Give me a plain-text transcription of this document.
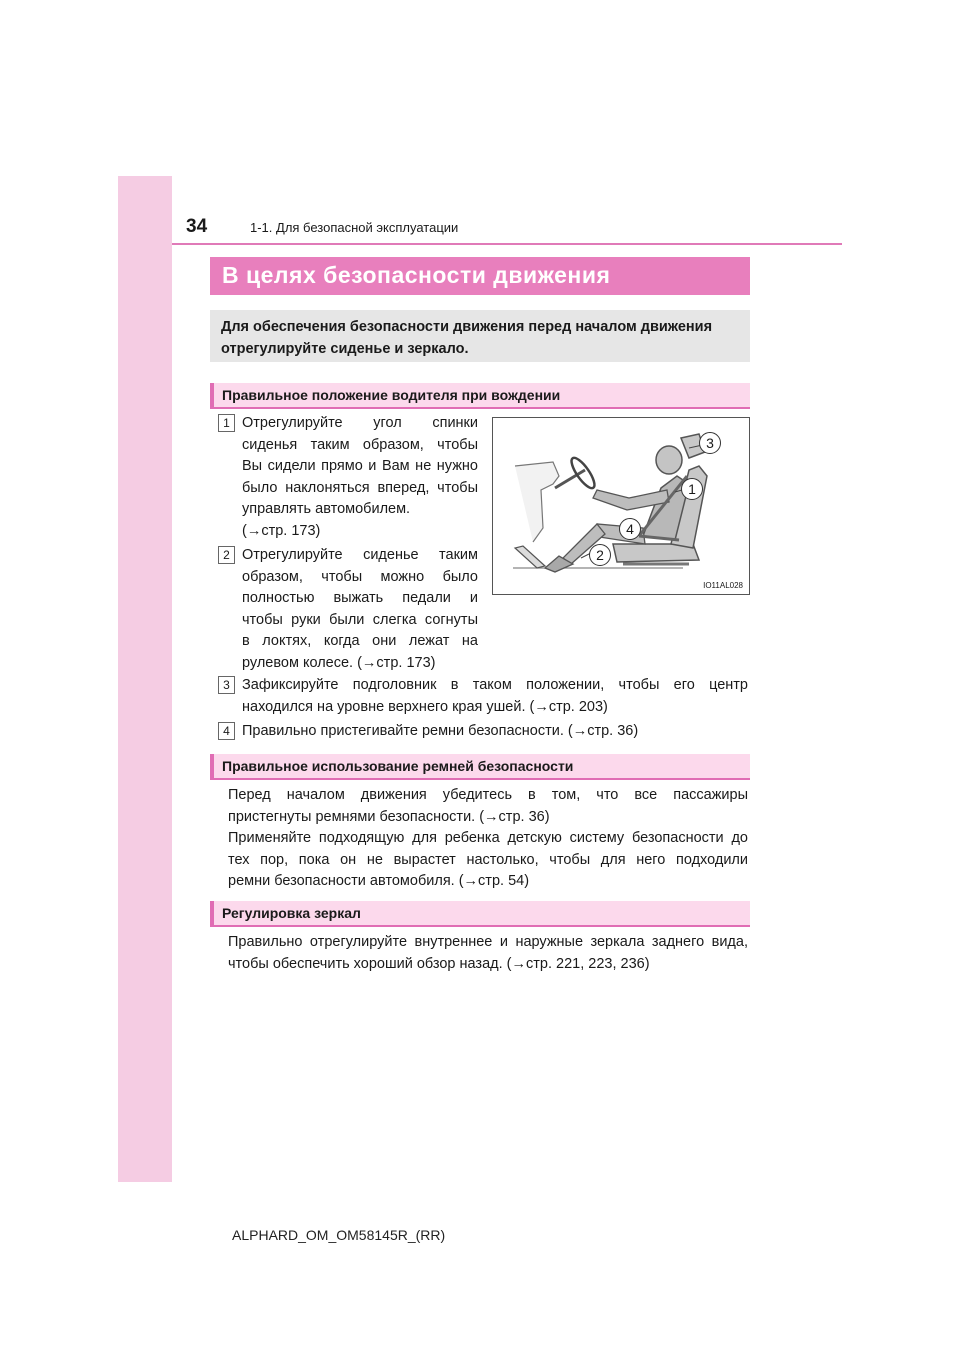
34	1-1. Для безопасной эксплуатации
В целях безопасности движения
Для обеспечения безопасности движения перед началом движения отрегулируйте сиденье и зеркало.
Правильное положение водителя при вождении
1 Отрегулируйте угол спинки
сиденья таким образом, чтобы
Вы сидели прямо и Вам не нужно
было наклоняться вперед, чтобы
управлять автомобилем.
(→стр. 173)
2 Отрегулируйте сиденье таким
образом, чтобы можно было
полностью выжать педали и
чтобы руки были слегка согнуты
в локтях, когда они лежат на
рулевом колесе. (→стр. 173)
3
1
4
2
IO11AL028
3 Зафиксируйте подголовник в таком положении, чтобы его центр
находился на уровне верхнего края ушей. (→стр. 203)
4 Правильно пристегивайте ремни безопасности. (→стр. 36)
Правильное использование ремней безопасности
Перед началом движения убедитесь в том, что все пассажиры
пристегнуты ремнями безопасности. (→стр. 36)
Применяйте подходящую для ребенка детскую систему безопасности до
тех пор, пока он не вырастет настолько, чтобы для него подходили
ремни безопасности автомобиля. (→стр. 54)
Регулировка зеркал
Правильно отрегулируйте внутреннее и наружные зеркала заднего вида,
чтобы обеспечить хороший обзор назад. (→стр. 221, 223, 236)
ALPHARD_OM_OM58145R_(RR)
